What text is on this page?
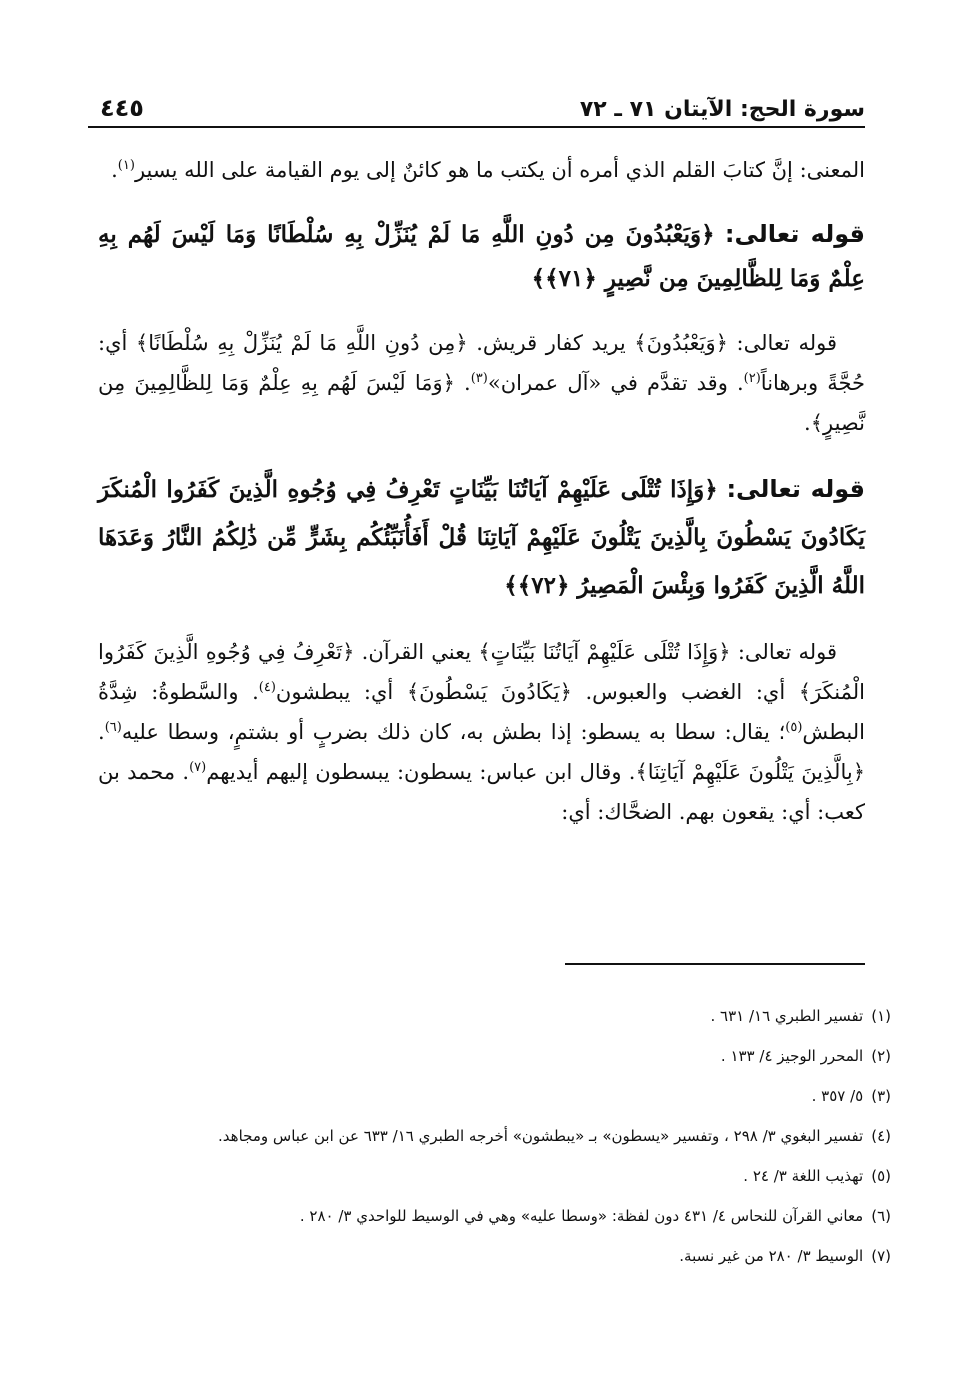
سورة الحج: الآيتان ٧١ ـ ٧٢
٤٤٥

المعنى: إنَّ كتابَ القلم الذي أمره أن يكتب ما هو كائنٌ إلى يوم القيامة على الله يسير$^{(١)}$.

قوله تعالى: ﴿وَيَعْبُدُونَ مِن دُونِ اللَّهِ مَا لَمْ يُنَزِّلْ بِهِ سُلْطَانًا وَمَا لَيْسَ لَهُم بِهِ عِلْمٌ وَمَا لِلظَّالِمِينَ مِن نَّصِيرٍ ﴿٧١﴾﴾

قوله تعالى: ﴿وَيَعْبُدُونَ﴾ يريد كفار قريش. ﴿مِن دُونِ اللَّهِ مَا لَمْ يُنَزِّلْ بِهِ سُلْطَانًا﴾ أي: حُجَّةً وبرهاناً$^{(٢)}$. وقد تقدَّم في «آل عمران»$^{(٣)}$. ﴿وَمَا لَيْسَ لَهُم بِهِ عِلْمٌ وَمَا لِلظَّالِمِينَ مِن نَّصِيرٍ﴾.

قوله تعالى: ﴿وَإِذَا تُتْلَى عَلَيْهِمْ آيَاتُنَا بَيِّنَاتٍ تَعْرِفُ فِي وُجُوهِ الَّذِينَ كَفَرُوا الْمُنكَرَ يَكَادُونَ يَسْطُونَ بِالَّذِينَ يَتْلُونَ عَلَيْهِمْ آيَاتِنَا قُلْ أَفَأُنَبِّئُكُم بِشَرٍّ مِّن ذَٰلِكُمُ النَّارُ وَعَدَهَا اللَّهُ الَّذِينَ كَفَرُوا وَبِئْسَ الْمَصِيرُ ﴿٧٢﴾﴾

قوله تعالى: ﴿وَإِذَا تُتْلَى عَلَيْهِمْ آيَاتُنَا بَيِّنَاتٍ﴾ يعني القرآن. ﴿تَعْرِفُ فِي وُجُوهِ الَّذِينَ كَفَرُوا الْمُنكَرَ﴾ أي: الغضب والعبوس. ﴿يَكَادُونَ يَسْطُونَ﴾ أي: يبطشون$^{(٤)}$. والسَّطوةُ: شِدَّةُ البطش$^{(٥)}$؛ يقال: سطا به يسطو: إذا بطش به، كان ذلك بضربٍ أو بشتمٍ، وسطا عليه$^{(٦)}$. ﴿بِالَّذِينَ يَتْلُونَ عَلَيْهِمْ آيَاتِنَا﴾. وقال ابن عباس: يسطون: يبسطون إليهم أيديهم$^{(٧)}$. محمد بن كعب: أي: يقعون بهم. الضحَّاك: أي:

(١)تفسير الطبري ١٦/ ٦٣١ .
(٢)المحرر الوجيز ٤/ ١٣٣ .
(٣)٥/ ٣٥٧ .
(٤)تفسير البغوي ٣/ ٢٩٨ ، وتفسير «يسطون» بـ «يبطشون» أخرجه الطبري ١٦/ ٦٣٣ عن ابن عباس ومجاهد.
(٥)تهذيب اللغة ٣/ ٢٤ .
(٦)معاني القرآن للنحاس ٤/ ٤٣١ دون لفظة: «وسطا عليه» وهي في الوسيط للواحدي ٣/ ٢٨٠ .
(٧)الوسيط ٣/ ٢٨٠ من غير نسبة.
